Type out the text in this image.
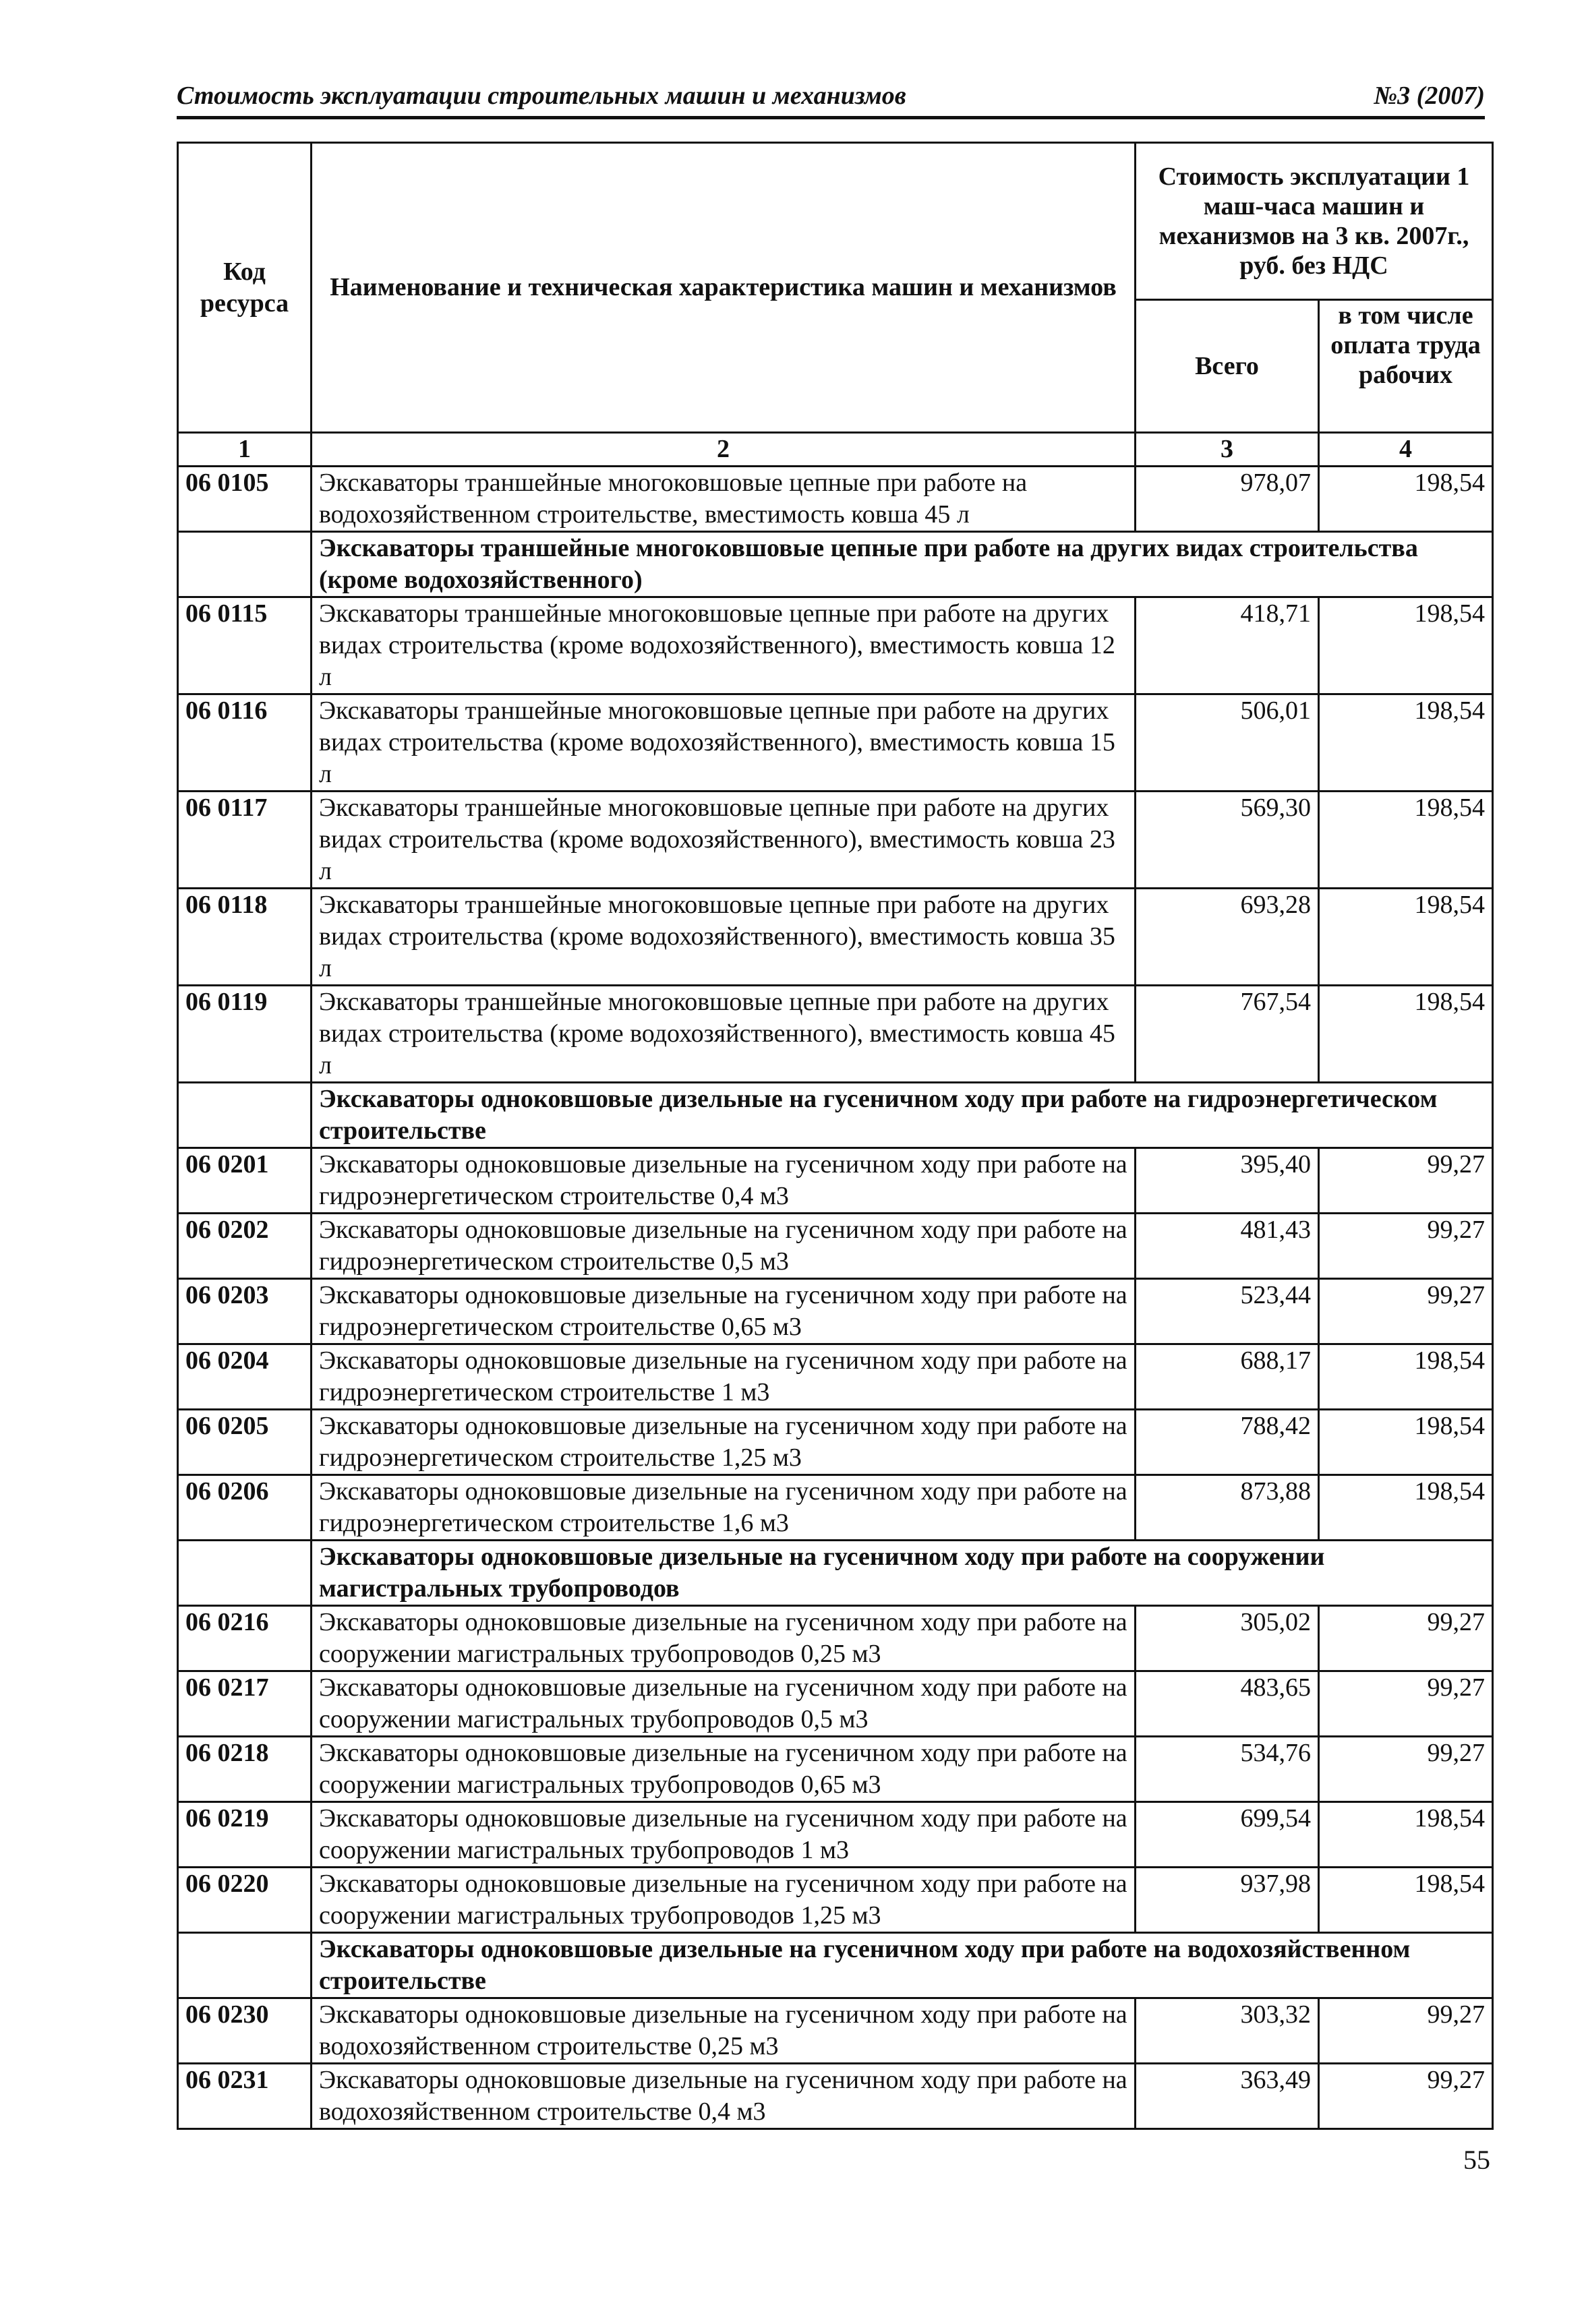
Стоимость эксплуатации строительных машин и механизмов	№3 (2007)
Код ресурса	Наименование и техническая характеристика машин и механизмов	Стоимость эксплуатации 1 маш-часа машин и механизмов на 3 кв. 2007г., руб. без НДС	
		Всего	в том числе оплата труда рабочих
1	2	3	4
06 0105	Экскаваторы траншейные многоковшовые цепные при работе на водохозяйственном строительстве, вместимость ковша 45 л	978,07	198,54
	Экскаваторы траншейные многоковшовые цепные при работе на других видах строительства (кроме водохозяйственного)		
06 0115	Экскаваторы траншейные многоковшовые цепные при работе на других видах строительства (кроме водохозяйственного), вместимость ковша 12 л	418,71	198,54
06 0116	Экскаваторы траншейные многоковшовые цепные при работе на других видах строительства (кроме водохозяйственного), вместимость ковша 15 л	506,01	198,54
06 0117	Экскаваторы траншейные многоковшовые цепные при работе на других видах строительства (кроме водохозяйственного), вместимость ковша 23 л	569,30	198,54
06 0118	Экскаваторы траншейные многоковшовые цепные при работе на других видах строительства (кроме водохозяйственного), вместимость ковша 35 л	693,28	198,54
06 0119	Экскаваторы траншейные многоковшовые цепные при работе на других видах строительства (кроме водохозяйственного), вместимость ковша 45 л	767,54	198,54
	Экскаваторы одноковшовые дизельные на гусеничном ходу при работе на гидроэнергетическом строительстве		
06 0201	Экскаваторы одноковшовые дизельные на гусеничном ходу при работе на гидроэнергетическом строительстве 0,4 м3	395,40	99,27
06 0202	Экскаваторы одноковшовые дизельные на гусеничном ходу при работе на гидроэнергетическом строительстве 0,5 м3	481,43	99,27
06 0203	Экскаваторы одноковшовые дизельные на гусеничном ходу при работе на гидроэнергетическом строительстве 0,65 м3	523,44	99,27
06 0204	Экскаваторы одноковшовые дизельные на гусеничном ходу при работе на гидроэнергетическом строительстве 1 м3	688,17	198,54
06 0205	Экскаваторы одноковшовые дизельные на гусеничном ходу при работе на гидроэнергетическом строительстве 1,25 м3	788,42	198,54
06 0206	Экскаваторы одноковшовые дизельные на гусеничном ходу при работе на гидроэнергетическом строительстве 1,6 м3	873,88	198,54
	Экскаваторы одноковшовые дизельные на гусеничном ходу при работе на сооружении магистральных трубопроводов		
06 0216	Экскаваторы одноковшовые дизельные на гусеничном ходу при работе на сооружении магистральных трубопроводов 0,25 м3	305,02	99,27
06 0217	Экскаваторы одноковшовые дизельные на гусеничном ходу при работе на сооружении магистральных трубопроводов 0,5 м3	483,65	99,27
06 0218	Экскаваторы одноковшовые дизельные на гусеничном ходу при работе на сооружении магистральных трубопроводов 0,65 м3	534,76	99,27
06 0219	Экскаваторы одноковшовые дизельные на гусеничном ходу при работе на сооружении магистральных трубопроводов 1 м3	699,54	198,54
06 0220	Экскаваторы одноковшовые дизельные на гусеничном ходу при работе на сооружении магистральных трубопроводов 1,25 м3	937,98	198,54
	Экскаваторы одноковшовые дизельные на гусеничном ходу при работе на водохозяйственном строительстве		
06 0230	Экскаваторы одноковшовые дизельные на гусеничном ходу при работе на водохозяйственном строительстве 0,25 м3	303,32	99,27
06 0231	Экскаваторы одноковшовые дизельные на гусеничном ходу при работе на водохозяйственном строительстве 0,4 м3	363,49	99,27
55
